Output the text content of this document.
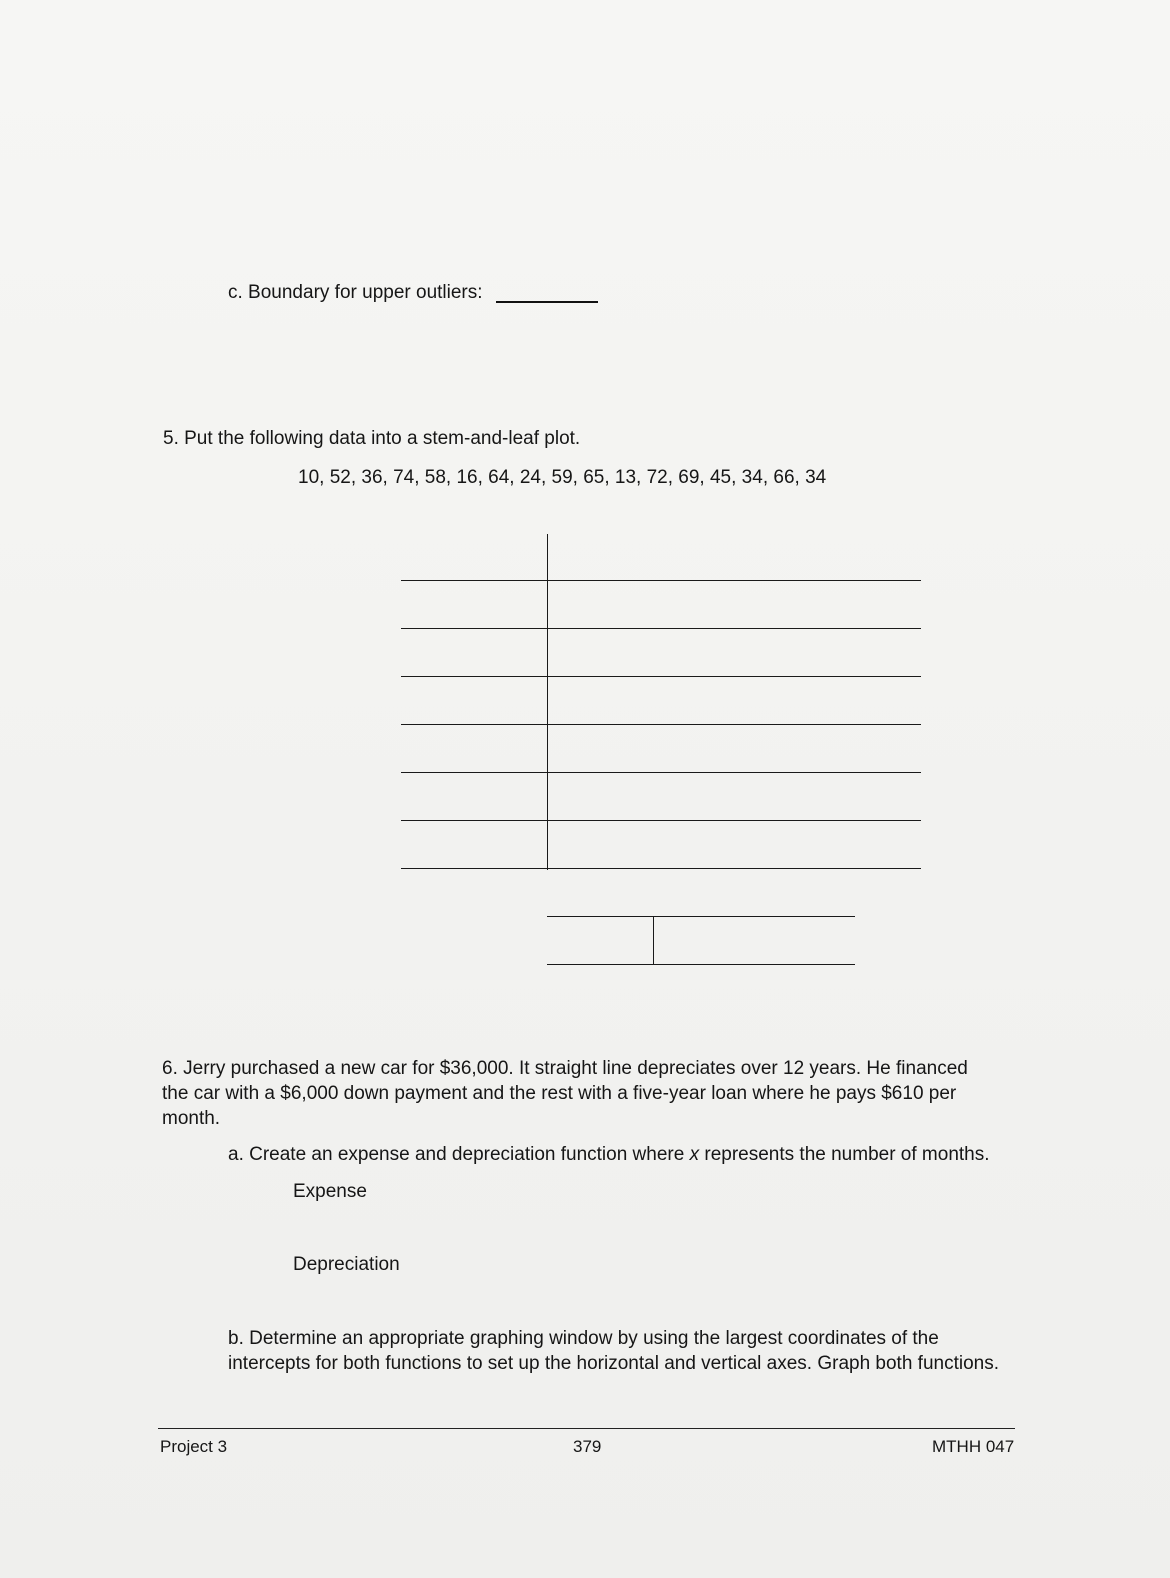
c. Boundary for upper outliers:
5. Put the following data into a stem-and-leaf plot.
10, 52, 36, 74, 58, 16, 64, 24, 59, 65, 13, 72, 69, 45, 34, 66, 34
6. Jerry purchased a new car for $36,000. It straight line depreciates over 12 years. He financed
the car with a $6,000 down payment and the rest with a five-year loan where he pays $610 per
month.
a. Create an expense and depreciation function where x represents the number of months.
Expense
Depreciation
b. Determine an appropriate graphing window by using the largest coordinates of the
intercepts for both functions to set up the horizontal and vertical axes. Graph both functions.
Project 3	379	MTHH 047
